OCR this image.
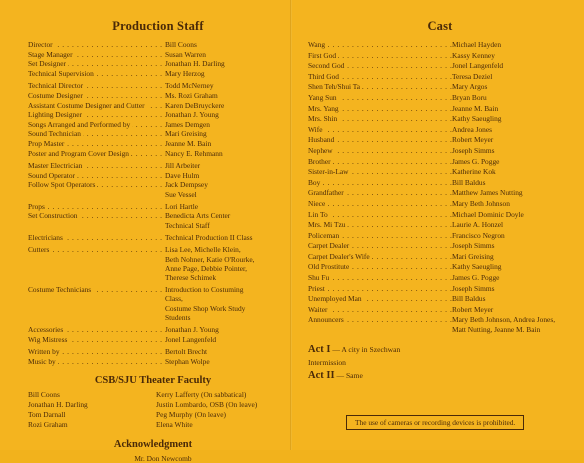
Production Staff
Director . . .	Bill Coons
Stage Manager . . .	Susan Warren
Set Designer . . .	Jonathan H. Darling
Technical Supervision . . .	Mary Herzog
Technical Director . . .	Todd McNerney
Costume Designer . . .	Ms. Rozi Graham
Assistant Costume Designer and Cutter . . .	Karen DeBruyckere
Lighting Designer . . .	Jonathan J. Young
Songs Arranged and Performed by . . .	James Demgen
Sound Technician . . .	Mari Greising
Prop Master . . .	Jeanne M. Bain
Poster and Program Cover Design . . .	Nancy E. Rehmann
Master Electrician . . .	Jill Arbeiter
Sound Operator . . .	Dave Hulm
Follow Spot Operators . . .	Jack Dempsey
Sue Vessel
Props . . .	Lori Hartle
Set Construction . . .	Benedicta Arts Center
Technical Staff
Electricians . . .	Technical Production II Class
Cutters . . .	Lisa Lee, Michelle Klein,
Beth Nohner, Katie O'Rourke,
Anne Page, Debbie Pointer,
Therese Schimek
Costume Technicians . . .	Introduction to Costuming
Class,
Costume Shop Work Study
Students
Accessories . . .	Jonathan J. Young
Wig Mistress . . .	Jonel Langenfeld
Written by . . .	Bertolt Brecht
Music by . . .	Stephan Wolpe
CSB/SJU Theater Faculty
Bill Coons
Jonathan H. Darling
Tom Darnall
Rozi Graham
Kerry Lafferty (On sabbatical)
Justin Lombardo, OSB (On leave)
Peg Murphy (On leave)
Elena White
Acknowledgment
Mr. Don Newcomb
Cast
Wang . . .	Michael Hayden
First God . . .	Kassy Kenney
Second God . . .	Jonel Langenfeld
Third God . . .	Teresa Deziel
Shen Teh/Shui Ta . . .	Mary Argos
Yang Sun . . .	Bryan Boru
Mrs. Yang . . .	Jeanne M. Bain
Mrs. Shin . . .	Kathy Saeugling
Wife . . .	Andrea Jones
Husband . . .	Robert Meyer
Nephew . . .	Joseph Simms
Brother . . .	James G. Pogge
Sister-in-Law . . .	Katherine Kok
Boy . . .	Bill Baldus
Grandfather . . .	Matthew James Nutting
Niece . . .	Mary Beth Johnson
Lin To . . .	Michael Dominic Doyle
Mrs. Mi Tzu . . .	Laurie A. Honzel
Policeman . . .	Francisco Negron
Carpet Dealer . . .	Joseph Simms
Carpet Dealer's Wife . . .	Mari Greising
Old Prostitute . . .	Kathy Saeugling
Shu Fu . . .	James G. Pogge
Priest . . .	Joseph Simms
Unemployed Man . . .	Bill Baldus
Waiter . . .	Robert Meyer
Announcers . . .	Mary Beth Johnson, Andrea Jones,
Matt Nutting, Jeanne M. Bain
Act I — A city in Szechwan
Intermission
Act II — Same
The use of cameras or recording devices is prohibited.
